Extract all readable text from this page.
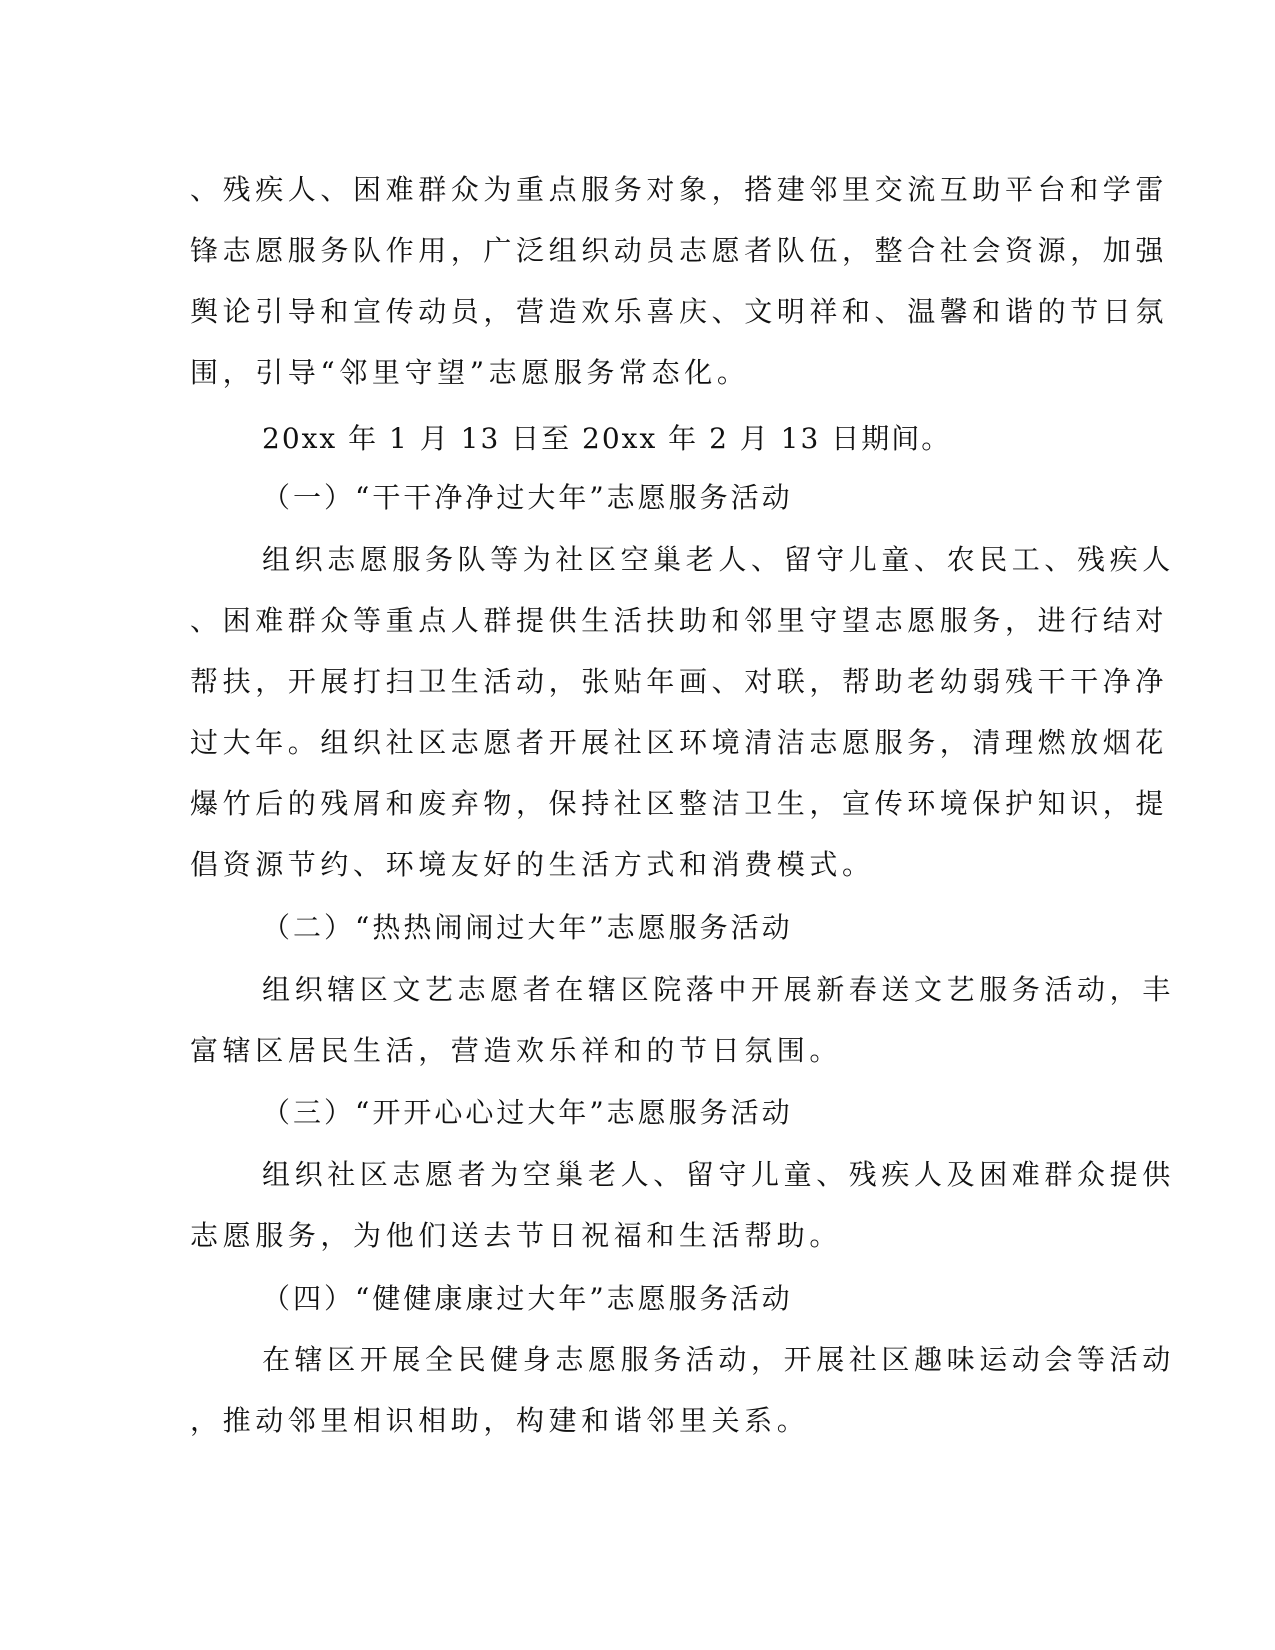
、残疾人、困难群众为重点服务对象，搭建邻里交流互助平台和学雷
锋志愿服务队作用，广泛组织动员志愿者队伍，整合社会资源，加强
舆论引导和宣传动员，营造欢乐喜庆、文明祥和、温馨和谐的节日氛
围，引导“邻里守望”志愿服务常态化。
20xx 年 1 月 13 日至 20xx 年 2 月 13 日期间。
（一）“干干净净过大年”志愿服务活动
组织志愿服务队等为社区空巢老人、留守儿童、农民工、残疾人
、困难群众等重点人群提供生活扶助和邻里守望志愿服务，进行结对
帮扶，开展打扫卫生活动，张贴年画、对联，帮助老幼弱残干干净净
过大年。组织社区志愿者开展社区环境清洁志愿服务，清理燃放烟花
爆竹后的残屑和废弃物，保持社区整洁卫生，宣传环境保护知识，提
倡资源节约、环境友好的生活方式和消费模式。
（二）“热热闹闹过大年”志愿服务活动
组织辖区文艺志愿者在辖区院落中开展新春送文艺服务活动，丰
富辖区居民生活，营造欢乐祥和的节日氛围。
（三）“开开心心过大年”志愿服务活动
组织社区志愿者为空巢老人、留守儿童、残疾人及困难群众提供
志愿服务，为他们送去节日祝福和生活帮助。
（四）“健健康康过大年”志愿服务活动
在辖区开展全民健身志愿服务活动，开展社区趣味运动会等活动
，推动邻里相识相助，构建和谐邻里关系。
